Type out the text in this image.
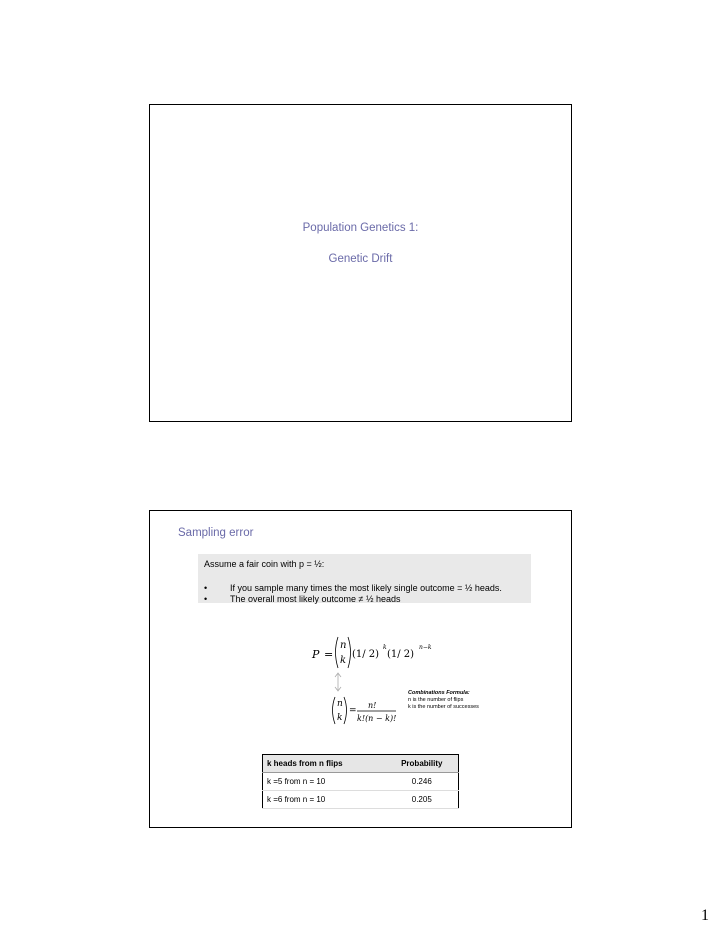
Population Genetics 1:
Genetic Drift
Sampling error
Assume a fair coin with p = ½:
•	If you sample many times the most likely single outcome = ½ heads.
•	The overall most likely outcome ≠ ½ heads
P =
n
k
(1/ 2)
k
(1/ 2)
n−k
n
k
=
n!
k!(n − k)!
Combinations Formula:
n is the number of flips
k is the number of successes
k heads from n flips	Probability
k =5 from n = 10	0.246
k =6 from n = 10	0.205
1
